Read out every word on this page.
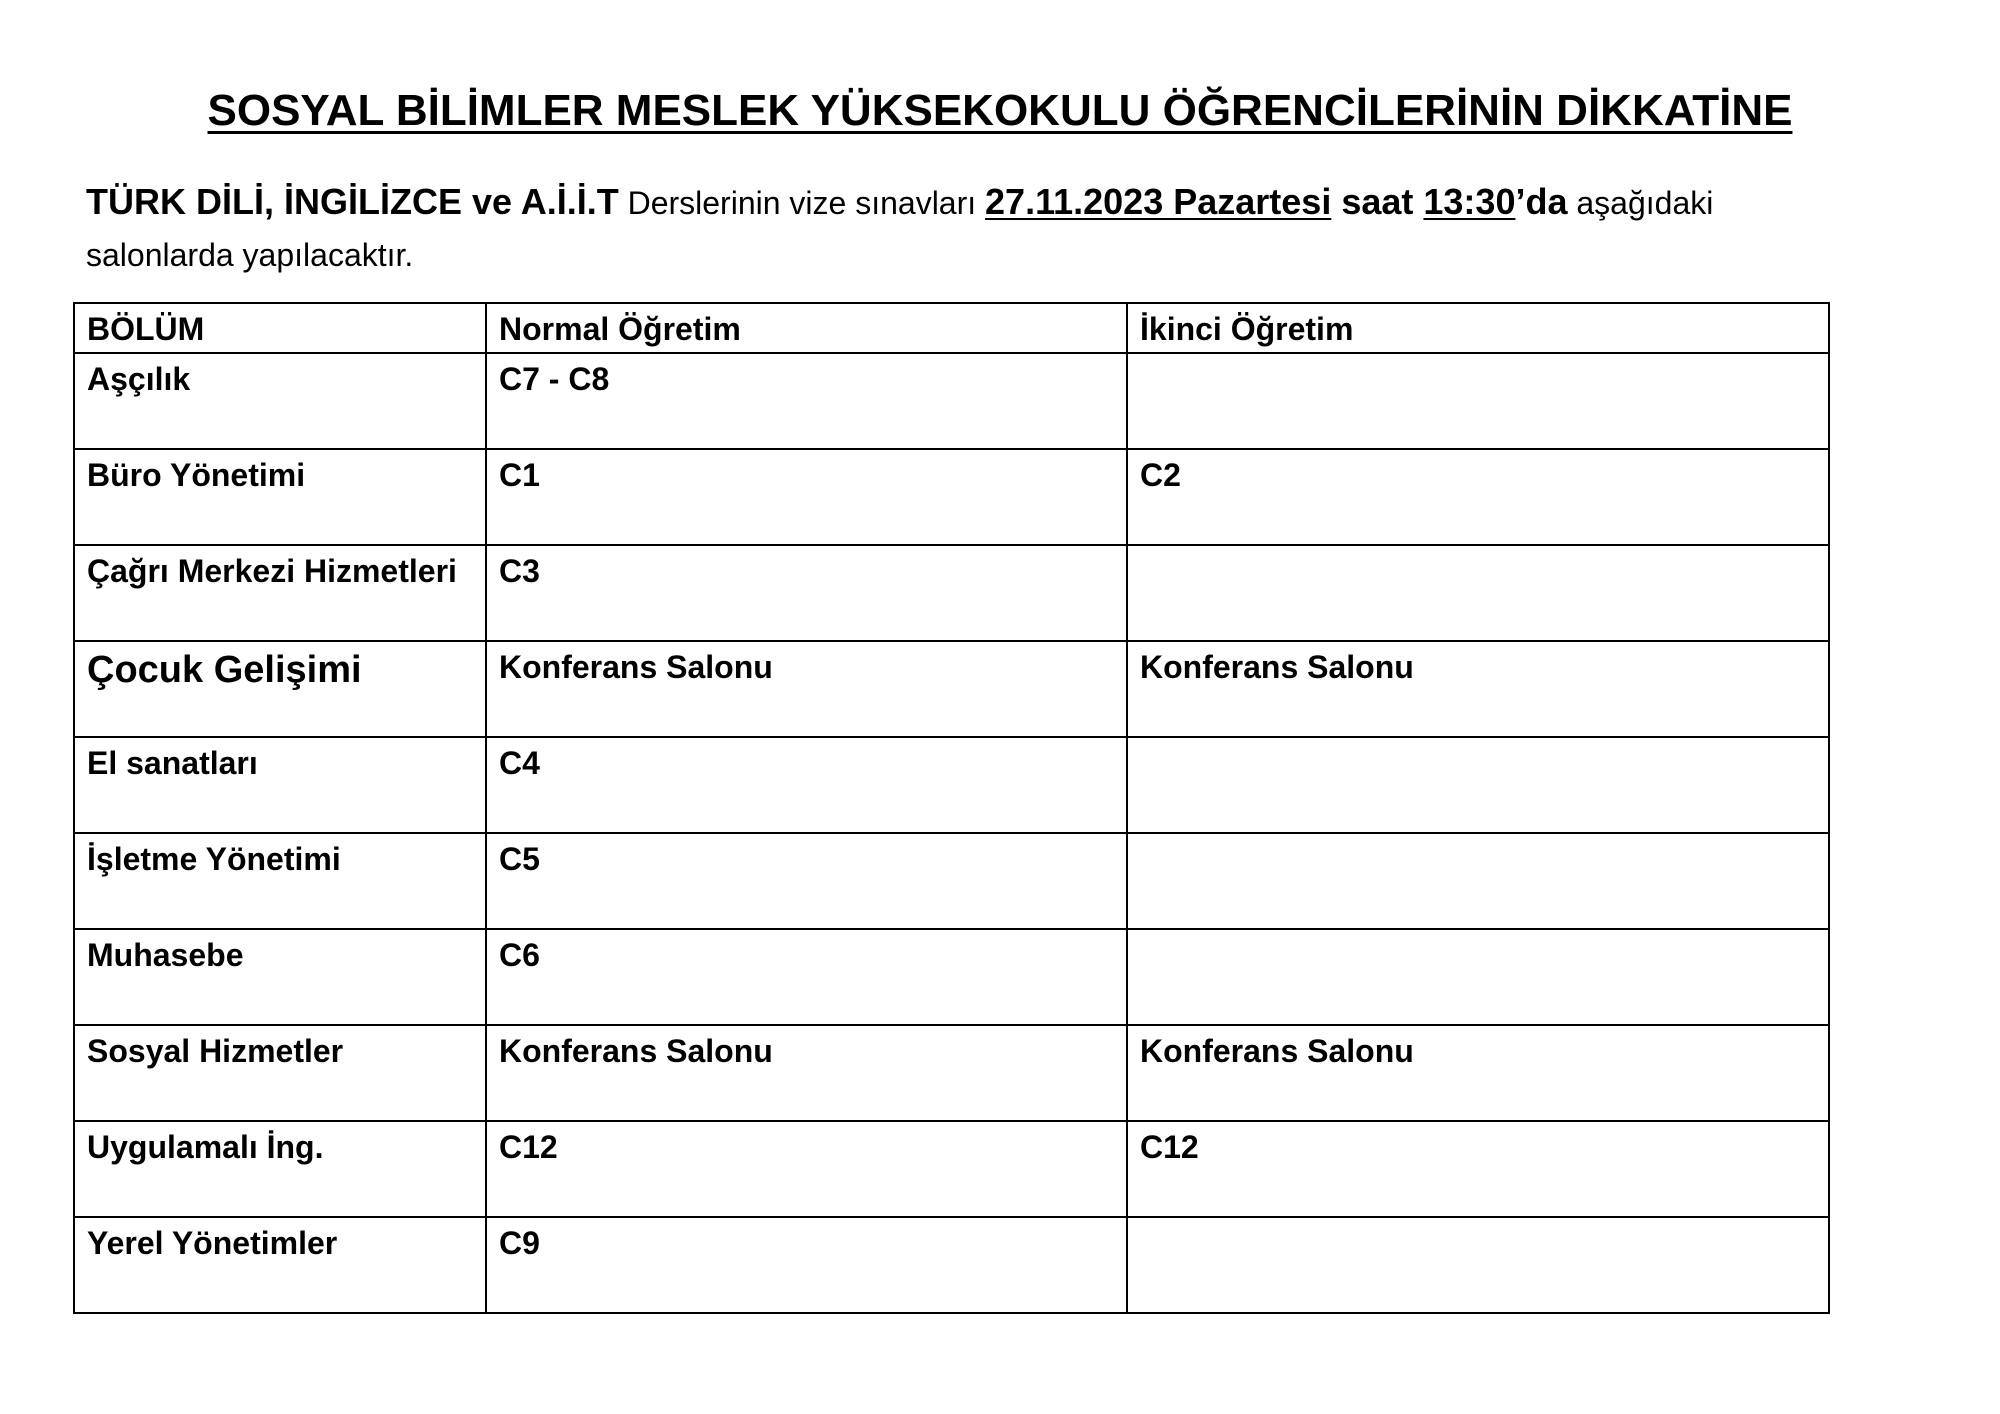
SOSYAL BİLİMLER MESLEK YÜKSEKOKULU ÖĞRENCİLERİNİN DİKKATİNE
TÜRK DİLİ, İNGİLİZCE ve A.İ.İ.T Derslerinin vize sınavları 27.11.2023 Pazartesi saat 13:30’da aşağıdaki salonlarda yapılacaktır.
BÖLÜM	Normal Öğretim	İkinci Öğretim
Aşçılık	C7 - C8	
Büro Yönetimi	C1	C2
Çağrı Merkezi Hizmetleri	C3	
Çocuk Gelişimi	Konferans Salonu	Konferans Salonu
El sanatları	C4	
İşletme Yönetimi	C5	
Muhasebe	C6	
Sosyal Hizmetler	Konferans Salonu	Konferans Salonu
Uygulamalı İng.	C12	C12
Yerel Yönetimler	C9	
